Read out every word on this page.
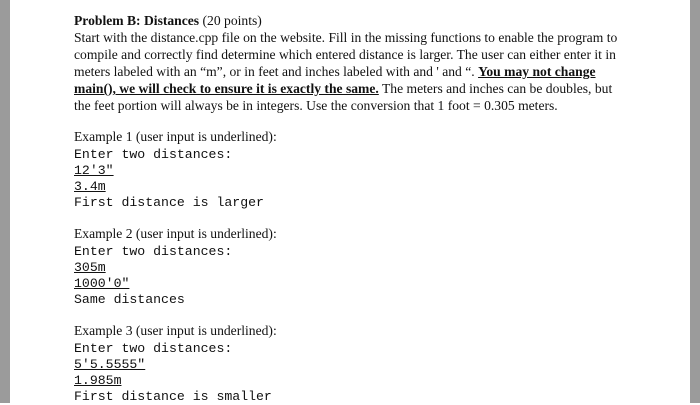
Problem B: Distances (20 points)

Start with the distance.cpp file on the website. Fill in the missing functions to enable the program to compile and correctly find determine which entered distance is larger. The user can either enter it in meters labeled with an “m”, or in feet and inches labeled with and ' and “. You may not change main(), we will check to ensure it is exactly the same. The meters and inches can be doubles, but the feet portion will always be in integers. Use the conversion that 1 foot = 0.305 meters.

Example 1 (user input is underlined):

Enter two distances:

12'3"

3.4m

First distance is larger

Example 2 (user input is underlined):

Enter two distances:

305m

1000'0"

Same distances

Example 3 (user input is underlined):

Enter two distances:

5'5.5555"

1.985m

First distance is smaller
